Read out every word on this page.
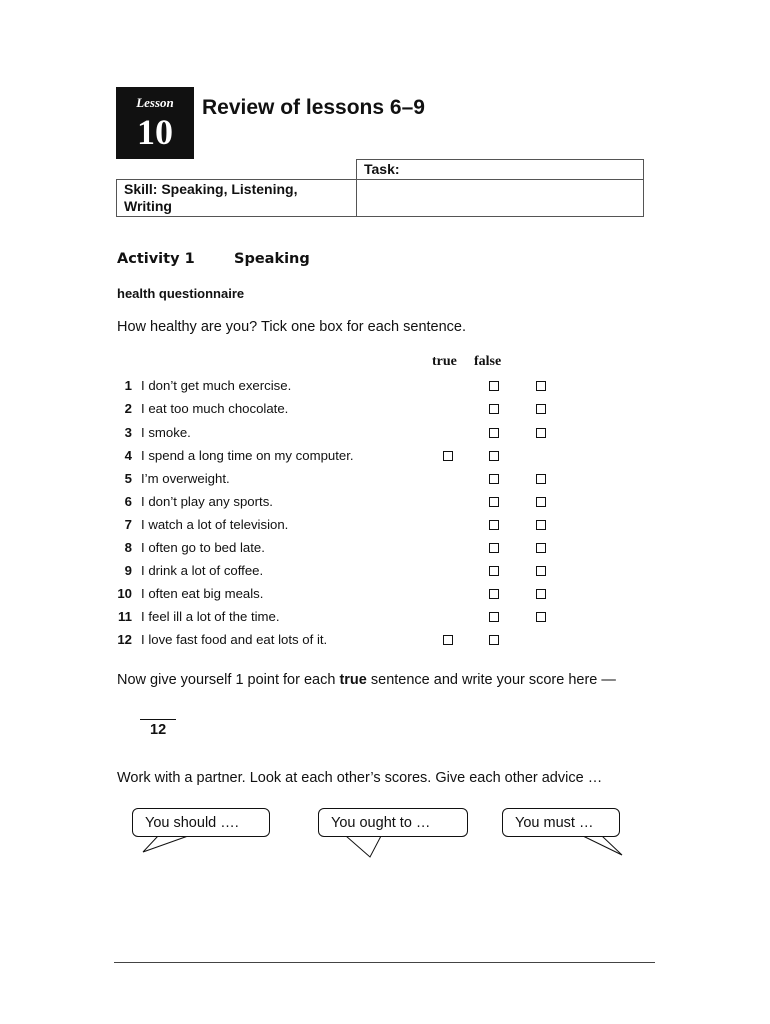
Lesson
10
Review of lessons 6–9
	Task:
Skill: Speaking, Listening, Writing	
Activity 1	Speaking
health questionnaire
How healthy are you? Tick one box for each sentence.
true false
1 I don’t get much exercise.
2 I eat too much chocolate.
3 I smoke.
4 I spend a long time on my computer.
5 I’m overweight.
6 I don’t play any sports.
7 I watch a lot of television.
8 I often go to bed late.
9 I drink a lot of coffee.
10 I often eat big meals.
11 I feel ill a lot of the time.
12 I love fast food and eat lots of it.
Now give yourself 1 point for each true sentence and write your score here —
12
Work with a partner. Look at each other’s scores. Give each other advice …
You should ….	You ought to …	You must …
